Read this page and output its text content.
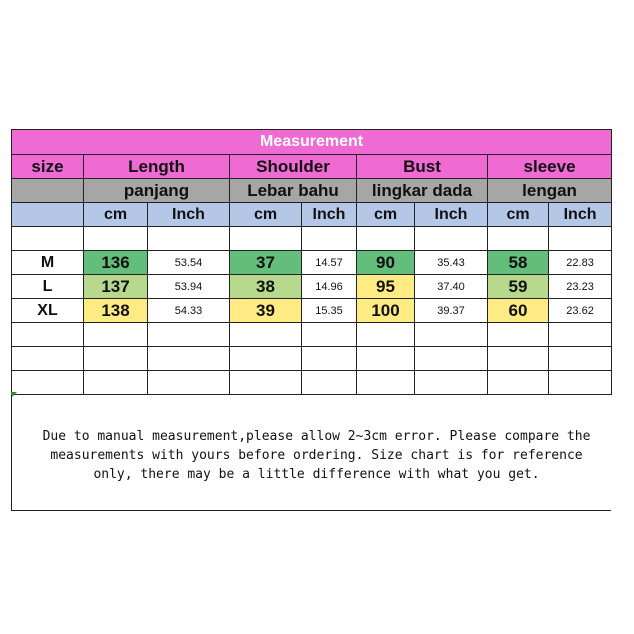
Measurement								
size	Length		Shoulder		Bust		sleeve	
	panjang		Lebar bahu		lingkar dada		lengan	
	cm	Inch	cm	Inch	cm	Inch	cm	Inch

M	136	53.54	37	14.57	90	35.43	58	22.83
L	137	53.94	38	14.96	95	37.40	59	23.23
XL	138	54.33	39	15.35	100	39.37	60	23.62

Due to manual measurement,please allow 2~3cm error. Please compare the
measurements with yours before ordering. Size chart is for reference
only, there may be a little difference with what you get.
